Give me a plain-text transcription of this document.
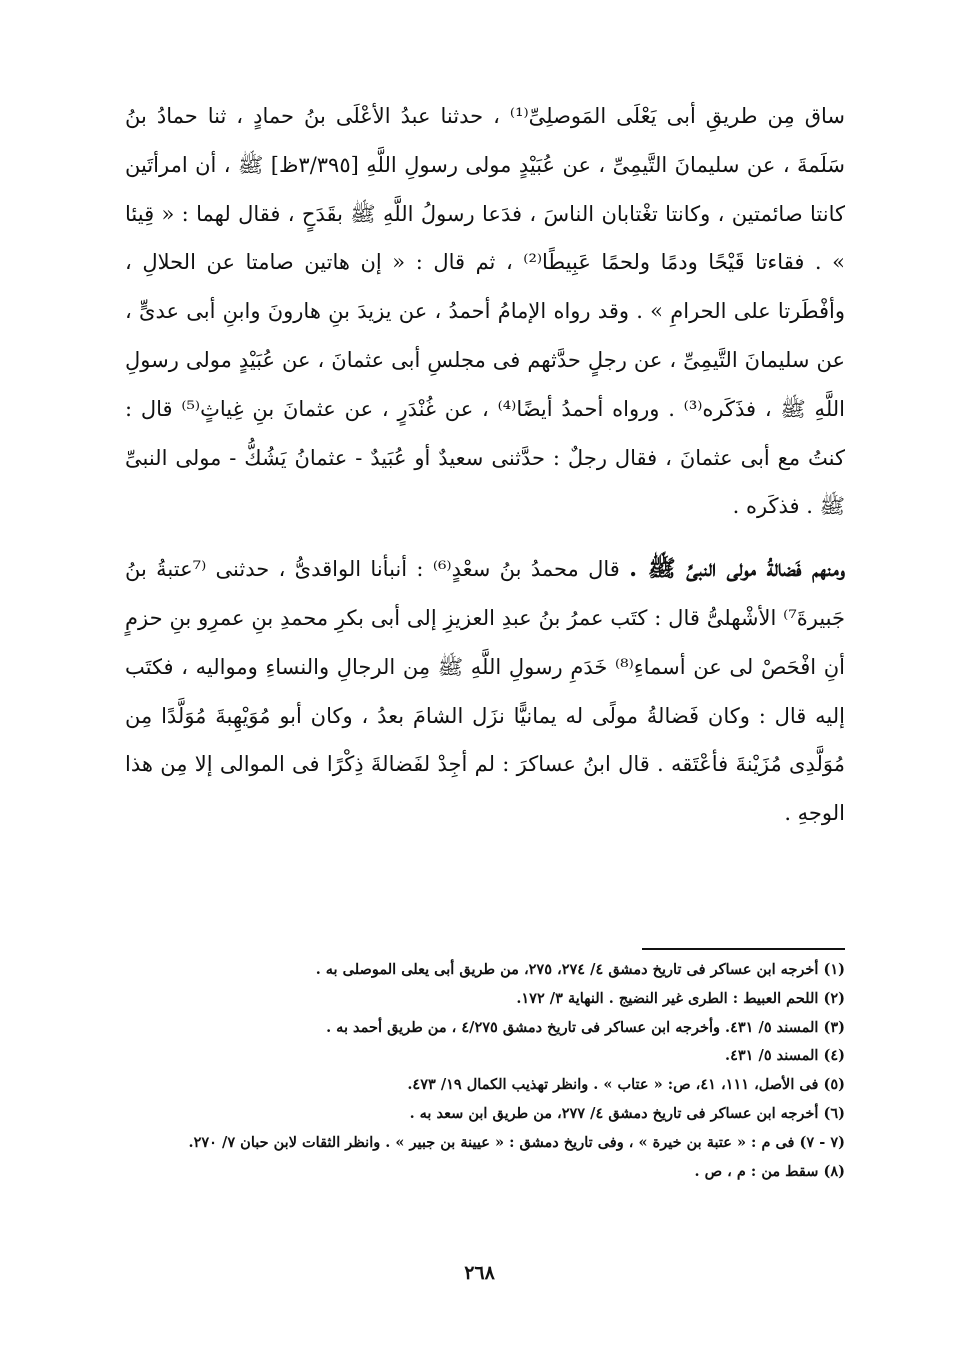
ساق مِن طريقِ أبى يَعْلَى المَوصلِىِّ⁽¹⁾ ، حدثنا عبدُ الأعْلَى بنُ حمادٍ ، ثنا حمادُ بنُ سَلَمةَ ، عن سليمانَ التَّيمِىِّ ، عن عُبَيْدٍ مولى رسولِ اللَّهِ [٣/٣٩٥ظ] ﷺ ، أن امرأتَين كانتا صائمتين ، وكانتا تغْتابان الناسَ ، فدَعا رسولُ اللَّهِ ﷺ بقَدَحٍ ، فقال لهما : « قِيئا » . فقاءتا قَيْحًا ودمًا ولحمًا عَبِيطًا⁽²⁾ ، ثم قال : « إن هاتين صامتا عن الحلالِ ، وأفْطَرتا على الحرامِ » . وقد رواه الإمامُ أحمدُ ، عن يزيدَ بنِ هارونَ وابنِ أبى عدىٍّ ، عن سليمانَ التَّيمِىِّ ، عن رجلٍ حدَّثهم فى مجلسِ أبى عثمانَ ، عن عُبَيْدٍ مولى رسولِ اللَّهِ ﷺ ، فذَكَره⁽³⁾ . ورواه أحمدُ أيضًا⁽⁴⁾ ، عن غُنْدَرٍ ، عن عثمانَ بنِ غِياثٍ⁽⁵⁾ قال : كنتُ مع أبى عثمانَ ، فقال رجلٌ : حدَّثنى سعيدٌ أو عُبَيدٌ - عثمانُ يَشُكُّ - مولى النبىِّ ﷺ . فذكَره .

ومنهم فَضالةُ مولى النبىِّ ﷺ . قال محمدُ بنُ سعْدٍ⁽⁶⁾ : أنبأنا الواقدىُّ ، حدثنى ⁽⁷عتبةُ بنُ جَبيرةَ⁷⁾ الأشْهلىُّ قال : كتَب عمرُ بنُ عبدِ العزيزِ إلى أبى بكرِ محمدِ بنِ عمرِو بنِ حزمٍ أنِ افْحَصْ لى عن أسماءِ⁽⁸⁾ خَدَمِ رسولِ اللَّهِ ﷺ مِن الرجالِ والنساءِ ومواليه ، فكتَب إليه قال : وكان فَضالةُ مولًى له يمانيًّا نزَل الشامَ بعدُ ، وكان أبو مُوَيْهِبةَ مُوَلَّدًا مِن مُوَلَّدِى مُزَيْنةَ فأعْتَقه . قال ابنُ عساكرَ : لم أجِدْ لفَضالةَ ذِكْرًا فى الموالى إلا مِن هذا الوجهِ .

(١) أخرجه ابن عساكر فى تاريخ دمشق ٤/ ٢٧٤، ٢٧٥، من طريق أبى يعلى الموصلى به .

(٢) اللحم العبيط : الطرى غير النضيج . النهاية ٣/ ١٧٢.

(٣) المسند ٥/ ٤٣١. وأخرجه ابن عساكر فى تاريخ دمشق ٤/٢٧٥ ، من طريق أحمد به .

(٤) المسند ٥/ ٤٣١.

(٥) فى الأصل، ١١١، ٤١، ص: « عتاب » . وانظر تهذيب الكمال ١٩/ ٤٧٣.

(٦) أخرجه ابن عساكر فى تاريخ دمشق ٤/ ٢٧٧، من طريق ابن سعد به .

(٧ - ٧) فى م : « عتبة بن خيرة » ، وفى تاريخ دمشق : « عيينة بن جبير » . وانظر الثقات لابن حبان ٧/ ٢٧٠.

(٨) سقط من : م ، ص .

٢٦٨
